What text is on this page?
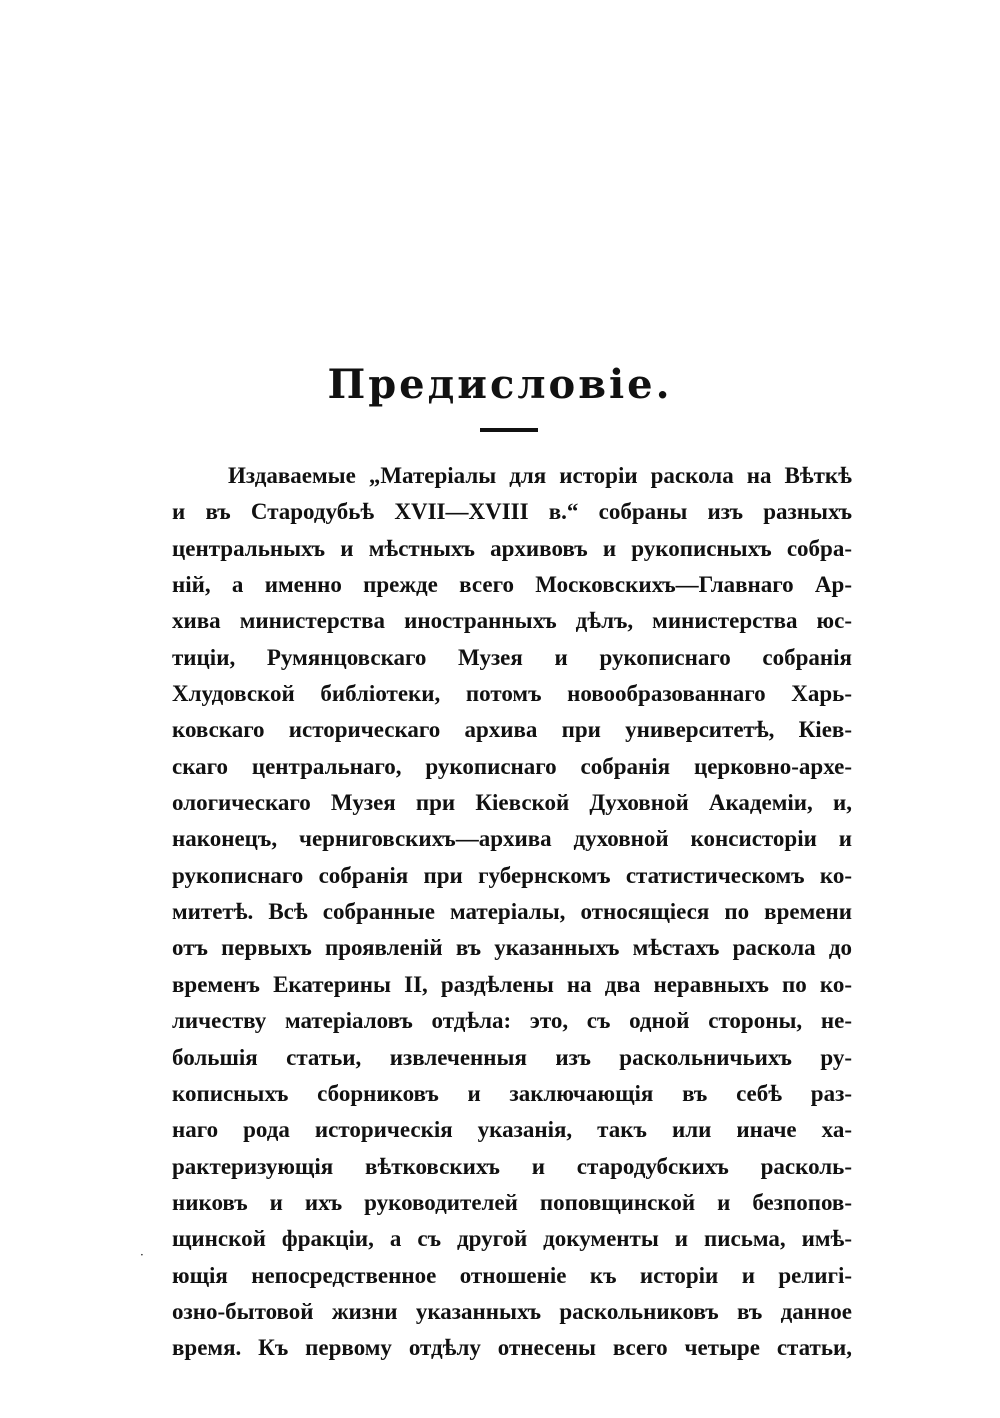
Предисловіе.
Издаваемые „Матеріалы для исторіи раскола на Вѣткѣ
и въ Стародубьѣ XVII—XVIII в.“ собраны изъ разныхъ
центральныхъ и мѣстныхъ архивовъ и рукописныхъ собра-
ній, а именно прежде всего Московскихъ—Главнаго Ар-
хива министерства иностранныхъ дѣлъ, министерства юс-
тиціи, Румянцовскаго Музея и рукописнаго собранія
Хлудовской библіотеки, потомъ новообразованнаго Харь-
ковскаго историческаго архива при университетѣ, Кіев-
скаго центральнаго, рукописнаго собранія церковно-архе-
ологическаго Музея при Кіевской Духовной Академіи, и,
наконецъ, черниговскихъ—архива духовной консисторіи и
рукописнаго собранія при губернскомъ статистическомъ ко-
митетѣ. Всѣ собранные матеріалы, относящіеся по времени
отъ первыхъ проявленій въ указанныхъ мѣстахъ раскола до
временъ Екатерины II, раздѣлены на два неравныхъ по ко-
личеству матеріаловъ отдѣла: это, съ одной стороны, не-
большія статьи, извлеченныя изъ раскольничьихъ ру-
кописныхъ сборниковъ и заключающія въ себѣ раз-
наго рода историческія указанія, такъ или иначе ха-
рактеризующія вѣтковскихъ и стародубскихъ расколь-
никовъ и ихъ руководителей поповщинской и безпопов-
щинской фракціи, а съ другой документы и письма, имѣ-
ющія непосредственное отношеніе къ исторіи и религі-
озно-бытовой жизни указанныхъ раскольниковъ въ данное
время. Къ первому отдѣлу отнесены всего четыре статьи,
·
